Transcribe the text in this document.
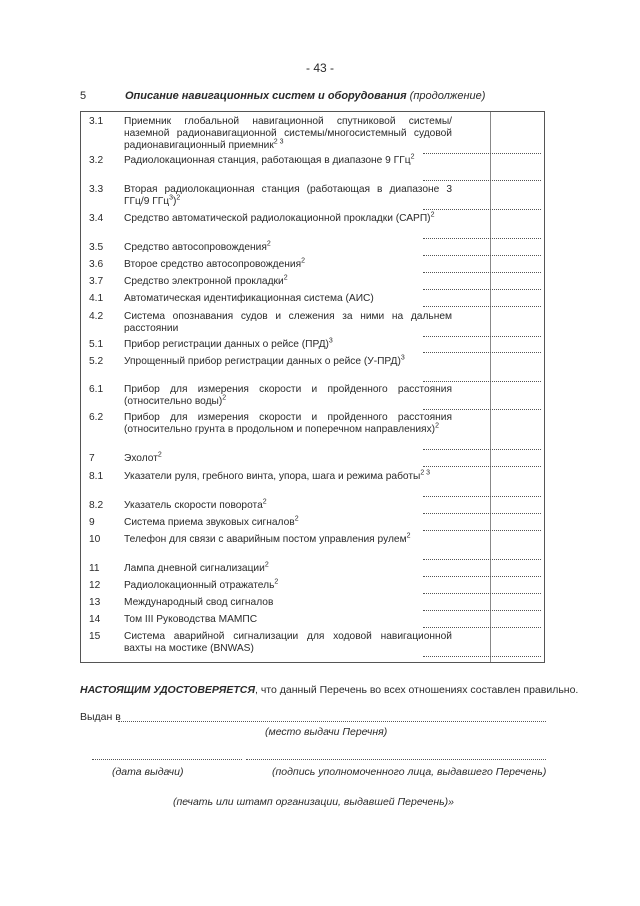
- 43 -
5	Описание навигационных систем и оборудования (продолжение)
3.1 Приемник глобальной навигационной спутниковой системы/наземной радионавигационной системы/многосистемный судовой радионавигационный приемник$^{2 3}$
3.2 Радиолокационная станция, работающая в диапазоне 9 ГГц$^2$
3.3 Вторая радиолокационная станция (работающая в диапазоне 3 ГГц/9 ГГц$^3$)$^2$
3.4 Средство автоматической радиолокационной прокладки (САРП)$^2$
3.5 Средство автосопровождения$^2$
3.6 Второе средство автосопровождения$^2$
3.7 Средство электронной прокладки$^2$
4.1 Автоматическая идентификационная система (АИС)
4.2 Система опознавания судов и слежения за ними на дальнем расстоянии
5.1 Прибор регистрации данных о рейсе (ПРД)$^3$
5.2 Упрощенный прибор регистрации данных о рейсе $(У-ПРД)^3$
6.1 Прибор для измерения скорости и пройденного расстояния (относительно воды)$^2$
6.2 Прибор для измерения скорости и пройденного расстояния (относительно грунта в продольном и поперечном направлениях)$^2$
7	Эхолот$^2$
8.1 Указатели руля, гребного винта, упора, шага и режима работы$^{2 3}$
8.2 Указатель скорости поворота$^2$
9	Система приема звуковых сигналов$^2$
10 Телефон для связи с аварийным постом управления рулем$^2$
11 Лампа дневной сигнализации$^2$
12 Радиолокационный отражатель$^2$
13 Международный свод сигналов
14 Том III Руководства МАМПС
15 Система аварийной сигнализации для ходовой навигационной вахты на мостике (BNWAS)
НАСТОЯЩИМ УДОСТОВЕРЯЕТСЯ, что данный Перечень во всех отношениях составлен правильно.
Выдан в
(место выдачи Перечня)
(дата выдачи)	(подпись уполномоченного лица, выдавшего Перечень)
(печать или штамп организации, выдавшей Перечень)»
